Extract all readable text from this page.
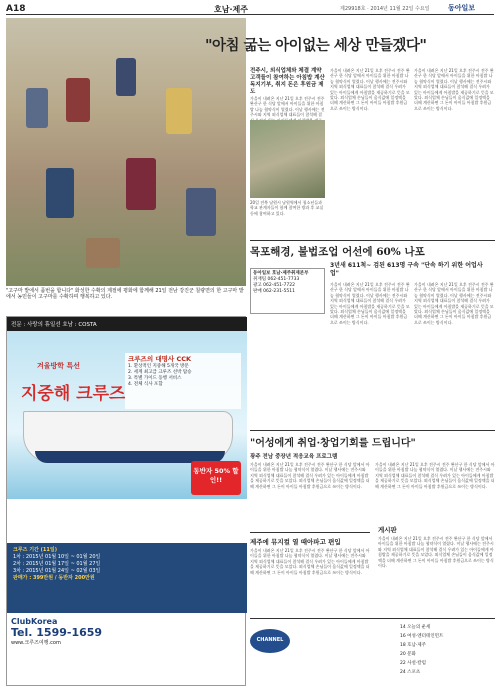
A18	호남·제주	제29918호 · 2014년 11월 22일 수요일	동아일보
"고구마 밭에서 품번을 합니다" 화성한 수확의 계절에 평화에 함께해 21일 전남 강진군 칠량면의 한 고구마 밭에서 농민들이 고구마를 수확하며 행복하고 있다.
"아침 굶는 아이없는 세상 만들겠다"
전주시, 외식업체와 체결 계약 고객들이 참여하는 아침밥 계산 독지기부, 취지 돈은 후원금 제도
가을이 내려온 지난 21일 오후 전주시 전주 완산구 한 식당 앞에서 아이들을 위한 아침밥 나눔 협약식이 열렸다. 이날 행사에는 전주시와 지역 외식업체 대표들이 참석해 결
20일 전북 남원시 남원역에서 청소년들과 학교 관계자들이 함께 참여한 방과 후 교실 등에 참여하고 있다.
가을이 내려온 지난 21일 오후 전주시 전주 완산구 한 식당 앞에서 아이들을 위한 아침밥 나눔 협약식이 열렸다. 이날 행사에는 전주시와 지역 외식업체 대표들이 참석해 결식 우려가 있는 아이들에게 아침밥을 제공하기로 뜻을 모았다. 외식업체 손님들이 음식값에 일정액을 더해 계산하면 그 돈이 아이들 아침밥 후원금으로 쓰이는 방식이다.
가을이 내려온 지난 21일 오후 전주시 전주 완산구 한 식당 앞에서 아이들을 위한 아침밥 나눔 협약식이 열렸다. 이날 행사에는 전주시와 지역 외식업체 대표들이 참석해 결식 우려가 있는 아이들에게 아침밥을 제공하기로 뜻을 모았다. 외식업체 손님들이 음식값에 일정액을 더해 계산하면 그 돈이 아이들 아침밥 후원금으로 쓰이는 방식이다.
목포해경, 불법조업 어선에 60% 나포
3년새 611척~ 검된 613명 구속 "단속 하기 위한 어업사업"
동아일보 호남·제주취재본부
취재팀 062-451-7733
광고 062-451-7722
판매 062-231-5511
가을이 내려온 지난 21일 오후 전주시 전주 완산구 한 식당 앞에서 아이들을 위한 아침밥 나눔 협약식이 열렸다. 이날 행사에는 전주시와 지역 외식업체 대표들이 참석해 결식 우려가 있는 아이들에게 아침밥을 제공하기로 뜻을 모았다. 외식업체 손님들이 음식값에 일정액을 더해 계산하면 그 돈이 아이들 아침밥 후원금으로 쓰이는 방식이다.
가을이 내려온 지난 21일 오후 전주시 전주 완산구 한 식당 앞에서 아이들을 위한 아침밥 나눔 협약식이 열렸다. 이날 행사에는 전주시와 지역 외식업체 대표들이 참석해 결식 우려가 있는 아이들에게 아침밥을 제공하기로 뜻을 모았다. 외식업체 손님들이 음식값에 일정액을 더해 계산하면 그 돈이 아이들 아침밥 후원금으로 쓰이는 방식이다.
"어성에게 취업·창업기회를 드립니다"
광주 전남 중장년 적응교육 프로그램
가을이 내려온 지난 21일 오후 전주시 전주 완산구 한 식당 앞에서 아이들을 위한 아침밥 나눔 협약식이 열렸다. 이날 행사에는 전주시와 지역 외식업체 대표들이 참석해 결식 우려가 있는 아이들에게 아침밥을 제공하기로 뜻을 모았다. 외식업체 손님들이 음식값에 일정액을 더해 계산하면 그 돈이 아이들 아침밥 후원금으로 쓰이는 방식이다.
가을이 내려온 지난 21일 오후 전주시 전주 완산구 한 식당 앞에서 아이들을 위한 아침밥 나눔 협약식이 열렸다. 이날 행사에는 전주시와 지역 외식업체 대표들이 참석해 결식 우려가 있는 아이들에게 아침밥을 제공하기로 뜻을 모았다. 외식업체 손님들이 음식값에 일정액을 더해 계산하면 그 돈이 아이들 아침밥 후원금으로 쓰이는 방식이다.
제주에 뮤지컬 열 때아파고 편입
가을이 내려온 지난 21일 오후 전주시 전주 완산구 한 식당 앞에서 아이들을 위한 아침밥 나눔 협약식이 열렸다. 이날 행사에는 전주시와 지역 외식업체 대표들이 참석해 결식 우려가 있는 아이들에게 아침밥을 제공하기로 뜻을 모았다. 외식업체 손님들이 음식값에 일정액을 더해 계산하면 그 돈이 아이들 아침밥 후원금으로 쓰이는 방식이다.
게시판
가을이 내려온 지난 21일 오후 전주시 전주 완산구 한 식당 앞에서 아이들을 위한 아침밥 나눔 협약식이 열렸다. 이날 행사에는 전주시와 지역 외식업체 대표들이 참석해 결식 우려가 있는 아이들에게 아침밥을 제공하기로 뜻을 모았다. 외식업체 손님들이 음식값에 일정액을 더해 계산하면 그 돈이 아이들 아침밥 후원금으로 쓰이는 방식이다.
CHANNEL
14 오늘의 운세
16 여성·엔터테인먼트
18 호남·제주
20 문화
22 사설·칼럼
24 스포츠
전문 : 사랑의 휴일선 호남 : COSTA
겨울방학 특선
지중해 크루즈
크루즈의 대명사 CCK
1. 환상적인 지중해 5개국 방문
2. 세계 최고급 크루즈 선박 탑승
3. 특별 가이드 동행 서비스
4. 전체 식사 포함
동반자 50% 할인!!
크루즈 기간 (11일)
1차 : 2015년 01월 10일 ~ 01월 20일
2차 : 2015년 01월 17일 ~ 01월 27일
3차 : 2015년 01월 24일 ~ 02월 03일
판매가 : 399만원 / 동반자 200만원
ClubKorea
Tel. 1599-1659
www.크루즈여행.com
